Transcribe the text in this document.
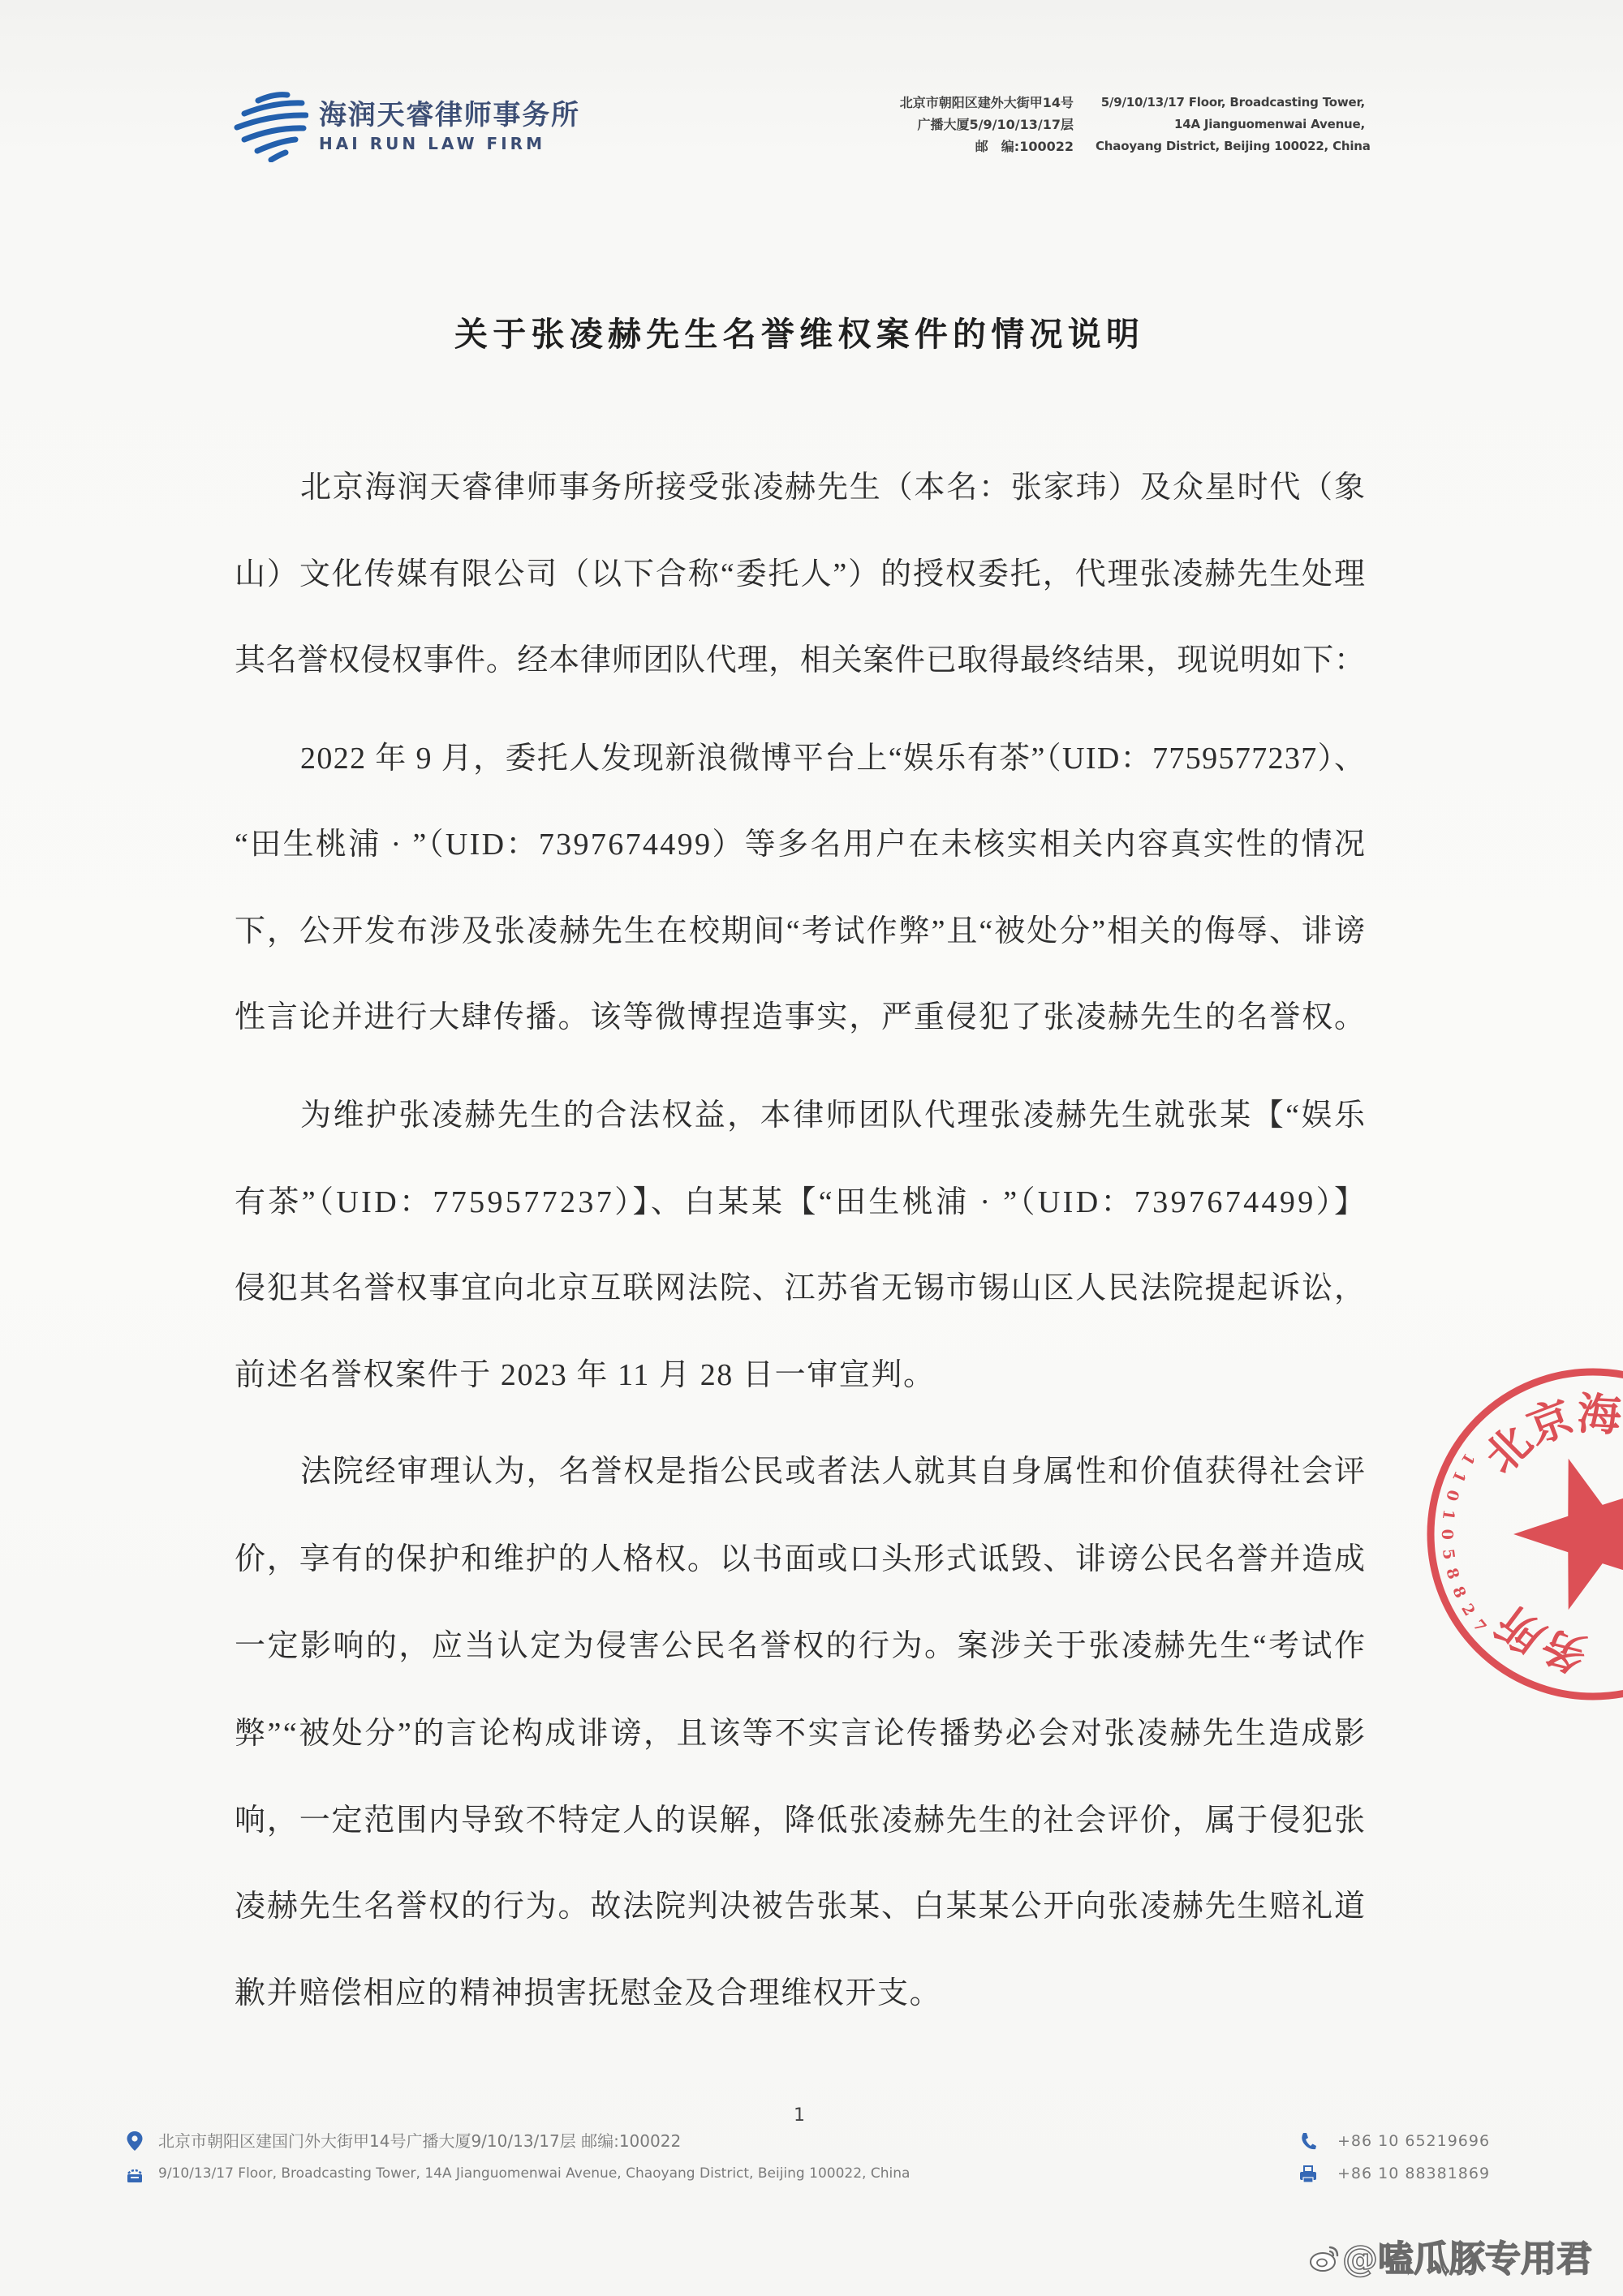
海润天睿律师事务所
HAI RUN LAW FIRM
北京市朝阳区建外大街甲14号
广播大厦5/9/10/13/17层
邮　编:100022
5/9/10/13/17 Floor, Broadcasting Tower,
14A Jianguomenwai Avenue,
Chaoyang District, Beijing 100022, China
关于张凌赫先生名誉维权案件的情况说明
北京海润天睿律师事务所接受张凌赫先生（本名：张家玮）及众星时代（象
山）文化传媒有限公司（以下合称“委托人”）的授权委托，代理张凌赫先生处理
其名誉权侵权事件。经本律师团队代理，相关案件已取得最终结果，现说明如下：
2022 年 9 月，委托人发现新浪微博平台上“娱乐有茶”（UID：7759577237）、
“田生桃浦 · ”（UID：7397674499）等多名用户在未核实相关内容真实性的情况
下，公开发布涉及张凌赫先生在校期间“考试作弊”且“被处分”相关的侮辱、诽谤
性言论并进行大肆传播。该等微博捏造事实，严重侵犯了张凌赫先生的名誉权。
为维护张凌赫先生的合法权益，本律师团队代理张凌赫先生就张某【“娱乐
有茶”（UID：7759577237）】、白某某【“田生桃浦 · ”（UID：7397674499）】
侵犯其名誉权事宜向北京互联网法院、江苏省无锡市锡山区人民法院提起诉讼，
前述名誉权案件于 2023 年 11 月 28 日一审宣判。
法院经审理认为，名誉权是指公民或者法人就其自身属性和价值获得社会评
价，享有的保护和维护的人格权。以书面或口头形式诋毁、诽谤公民名誉并造成
一定影响的，应当认定为侵害公民名誉权的行为。案涉关于张凌赫先生“考试作
弊”“被处分”的言论构成诽谤，且该等不实言论传播势必会对张凌赫先生造成影
响，一定范围内导致不特定人的误解，降低张凌赫先生的社会评价，属于侵犯张
凌赫先生名誉权的行为。故法院判决被告张某、白某某公开向张凌赫先生赔礼道
歉并赔偿相应的精神损害抚慰金及合理维权开支。
北
京
海
务
所
1
1
0
1
0
5
8
8
2
7
1
北京市朝阳区建国门外大街甲14号广播大厦9/10/13/17层 邮编:100022
9/10/13/17 Floor, Broadcasting Tower, 14A Jianguomenwai Avenue, Chaoyang District, Beijing 100022, China
+86 10 65219696
+86 10 88381869
@嗑瓜豚专用君
